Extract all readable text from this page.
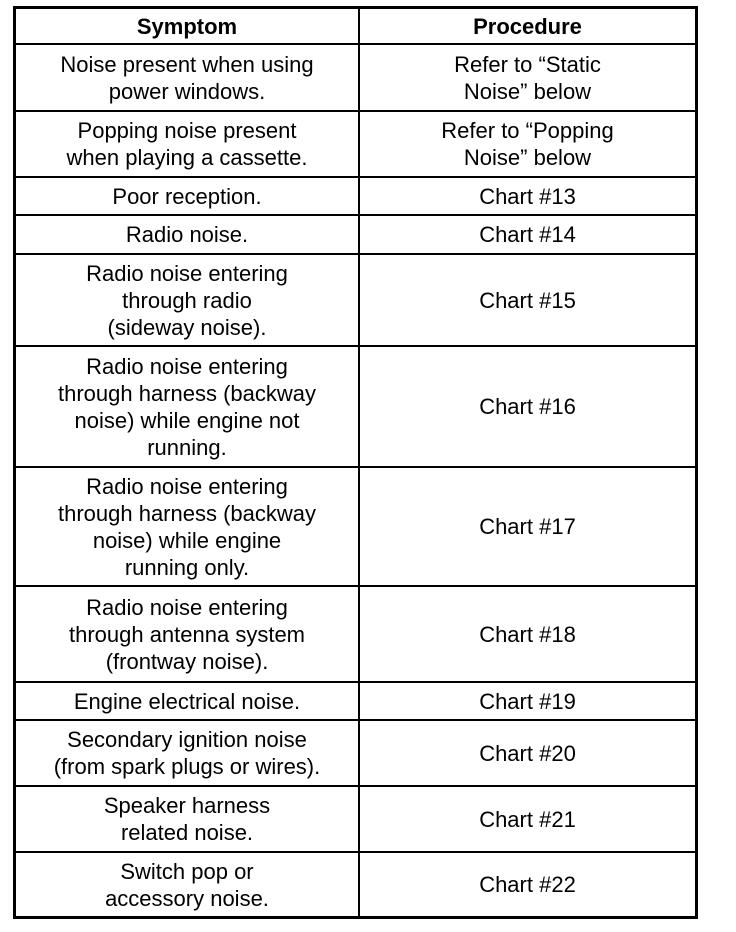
Symptom	Procedure

Noise present when using
power windows.	Refer to “Static
Noise” below

Popping noise present
when playing a cassette.	Refer to “Popping
Noise” below

Poor reception.	Chart #13

Radio noise.	Chart #14

Radio noise entering
through radio
(sideway noise).	Chart #15

Radio noise entering
through harness (backway
noise) while engine not
running.	Chart #16

Radio noise entering
through harness (backway
noise) while engine
running only.	Chart #17

Radio noise entering
through antenna system
(frontway noise).	Chart #18

Engine electrical noise.	Chart #19

Secondary ignition noise
(from spark plugs or wires).	Chart #20

Speaker harness
related noise.	Chart #21

Switch pop or
accessory noise.	Chart #22
